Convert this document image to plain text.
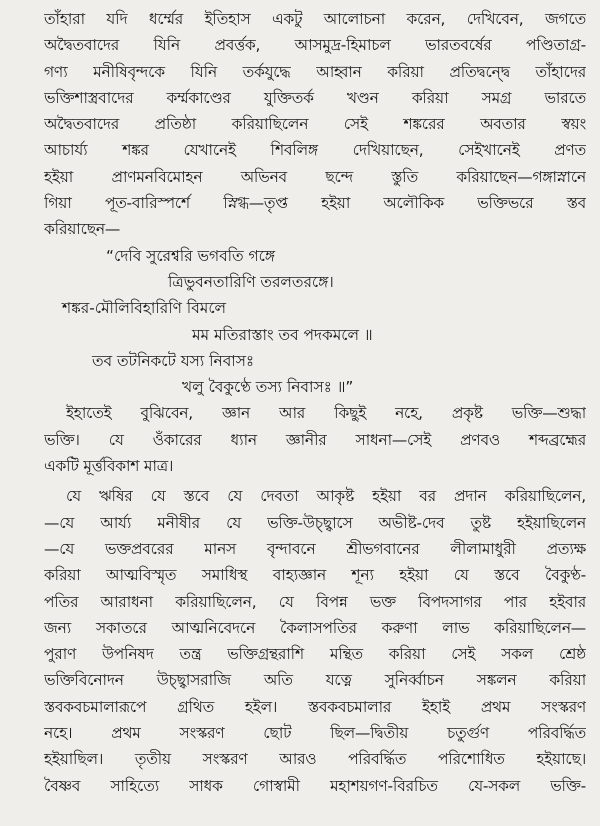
তাঁহারা যদি ধর্ম্মের ইতিহাস একটু আলোচনা করেন, দেখিবেন, জগতে
অদ্বৈতবাদের যিনি প্রবর্ত্তক, আসমুদ্র-হিমাচল ভারতবর্ষের পণ্ডিতাগ্র-
গণ্য মনীষিবৃন্দকে যিনি তর্কযুদ্ধে আহ্বান করিয়া প্রতিদ্বন্দ্বে তাঁহাদের
ভক্তিশাস্ত্রবাদের কর্ম্মকাণ্ডের যুক্তিতর্ক খণ্ডন করিয়া সমগ্র ভারতে
অদ্বৈতবাদের প্রতিষ্ঠা করিয়াছিলেন সেই শঙ্করের অবতার স্বয়ং
আচার্য্য শঙ্কর যেখানেই শিবলিঙ্গ দেখিয়াছেন, সেইখানেই প্রণত
হইয়া প্রাণমনবিমোহন অভিনব ছন্দে স্তুতি করিয়াছেন—গঙ্গাস্নানে
গিয়া পূত-বারিস্পর্শে স্নিগ্ধ—তৃপ্ত হইয়া অলৌকিক ভক্তিভরে স্তব
করিয়াছেন—
“দেবি সুরেশ্বরি ভগবতি গঙ্গে
ত্রিভুবনতারিণি তরলতরঙ্গে।
শঙ্কর-মৌলিবিহারিণি বিমলে
মম মতিরাস্তাং তব পদকমলে ॥
তব তটনিকটে যস্য নিবাসঃ
খলু বৈকুণ্ঠে তস্য নিবাসঃ ॥”
ইহাতেই বুঝিবেন, জ্ঞান আর কিছুই নহে, প্রকৃষ্ট ভক্তি—শুদ্ধা
ভক্তি। যে ওঁকারের ধ্যান জ্ঞানীর সাধনা—সেই প্রণবও শব্দব্রহ্মের
একটি মূর্ত্তবিকাশ মাত্র।
যে ঋষির যে স্তবে যে দেবতা আকৃষ্ট হইয়া বর প্রদান করিয়াছিলেন,
—যে আর্য্য মনীষীর যে ভক্তি-উচ্ছ্বাসে অভীষ্ট-দেব তুষ্ট হইয়াছিলেন
—যে ভক্তপ্রবরের মানস বৃন্দাবনে শ্রীভগবানের লীলামাধুরী প্রত্যক্ষ
করিয়া আত্মবিস্মৃত সমাধিস্থ বাহ্যজ্ঞান শূন্য হইয়া যে স্তবে বৈকুণ্ঠ-
পতির আরাধনা করিয়াছিলেন, যে বিপন্ন ভক্ত বিপদসাগর পার হইবার
জন্য সকাতরে আত্মনিবেদনে কৈলাসপতির করুণা লাভ করিয়াছিলেন—
পুরাণ উপনিষদ তন্ত্র ভক্তিগ্রন্থরাশি মন্থিত করিয়া সেই সকল শ্রেষ্ঠ
ভক্তিবিনোদন উচ্ছ্বাসরাজি অতি যত্নে সুনির্ব্বাচন সঙ্কলন করিয়া
স্তবকবচমালারূপে গ্রথিত হইল। স্তবকবচমালার ইহাই প্রথম সংস্করণ
নহে। প্রথম সংস্করণ ছোট ছিল—দ্বিতীয় চতুর্গুণ পরিবর্দ্ধিত
হইয়াছিল। তৃতীয় সংস্করণ আরও পরিবর্দ্ধিত পরিশোধিত হইয়াছে।
বৈষ্ণব সাহিত্যে সাধক গোস্বামী মহাশয়গণ-বিরচিত যে-সকল ভক্তি-
